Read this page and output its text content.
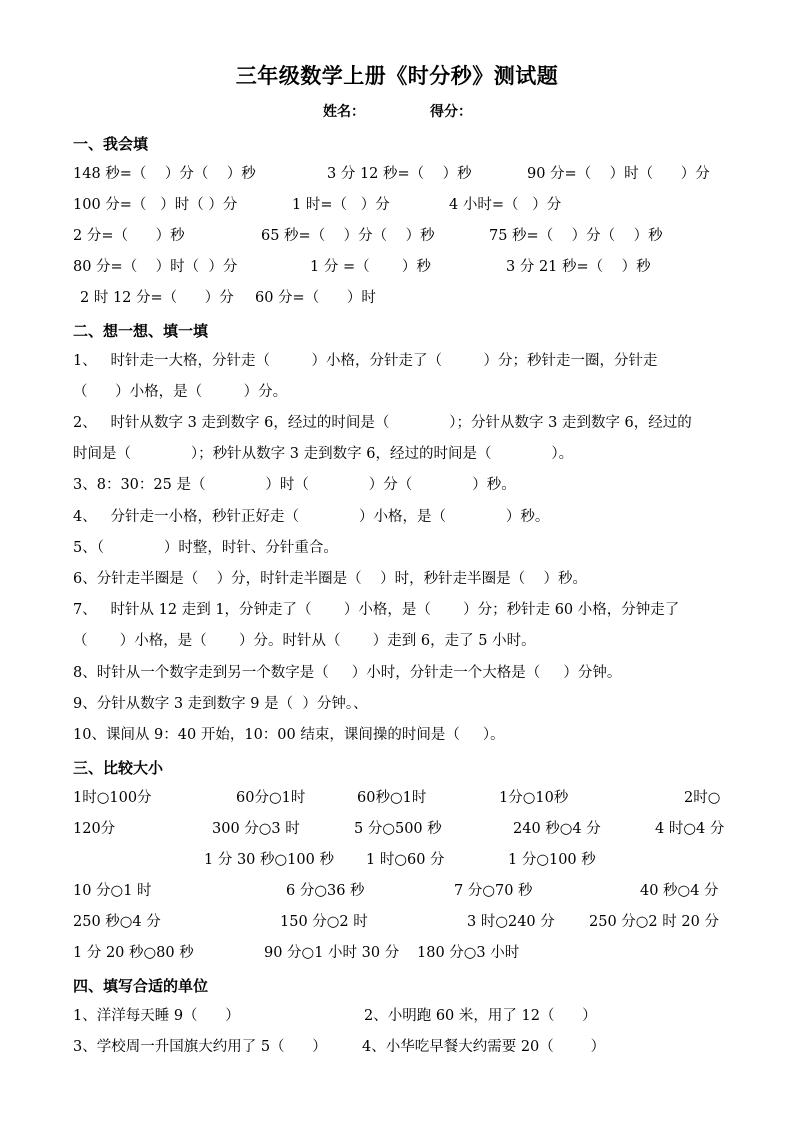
三年级数学上册《时分秒》测试题
姓名：	得分：
一、我会填
148 秒=（    ）分（    ）秒	3 分 12 秒=（    ）秒	90 分=（    ）时（      ）分
100 分=（   ）时（ ）分	1 时=（   ）分	4 小时=（   ）分
2 分=（      ）秒	65 秒=（    ）分（    ）秒	75 秒=（    ）分（    ）秒
80 分=（    ）时（  ）分	1 分 =（       ）秒	3 分 21 秒=（    ）秒
2 时 12 分=（      ）分 60 分=（      ）时
二、想一想、填一填
1、   时针走一大格，分针走（         ）小格，分针走了（         ）分；秒针走一圈，分针走
（      ）小格，是（         ）分。
2、   时针从数字 3 走到数字 6，经过的时间是（             ）；分针从数字 3 走到数字 6，经过的
时间是（             ）；秒针从数字 3 走到数字 6，经过的时间是（             ）。
3、8：30：25 是（             ）时（             ）分（             ）秒。
4、   分针走一小格，秒针正好走（             ）小格，是（             ）秒。
5、（             ）时整，时针、分针重合。
6、分针走半圈是（    ）分，时针走半圈是（    ）时，秒针走半圈是（    ）秒。
7、   时针从 12 走到 1，分钟走了（       ）小格，是（       ）分；秒针走 60 小格，分钟走了
（       ）小格，是（       ）分。时针从（       ）走到 6，走了 5 小时。
8、时针从一个数字走到另一个数字是（     ）小时，分针走一个大格是（     ）分钟。
9、分针从数字 3 走到数字 9 是（  ）分钟。、
10、课间从 9：40 开始，10：00 结束，课间操的时间是（     ）。
三、比较大小
1时○100分	60分○1时	60秒○1时	1分○10秒	2时○
120分	300 分○3 时	5 分○500 秒	240 秒○4 分	4 时○4 分
1 分 30 秒○100 秒 1 时○60 分	1 分○100 秒
10 分○1 时	6 分○36 秒	7 分○70 秒	40 秒○4 分
250 秒○4 分	150 分○2 时	3 时○240 分 250 分○2 时 20 分
1 分 20 秒○80 秒	90 分○1 小时 30 分 180 分○3 小时
四、填写合适的单位
1、洋洋每天睡 9（      ）	2、小明跑 60 米，用了 12（      ）
3、学校周一升国旗大约用了 5（      ） 4、小华吃早餐大约需要 20（        ）
